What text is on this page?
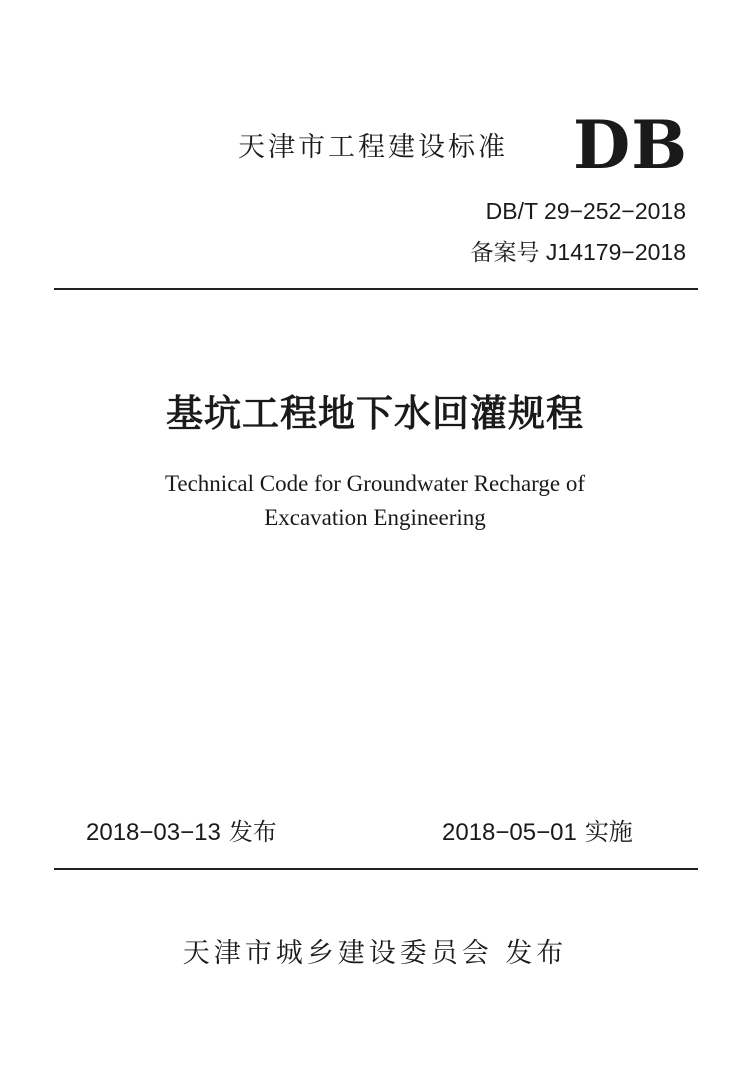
天津市工程建设标准 DB
DB/T 29−252−2018
备案号 J14179−2018
基坑工程地下水回灌规程
Technical Code for Groundwater Recharge of
Excavation Engineering
2018−03−13 发布	2018−05−01 实施
天津市城乡建设委员会 发布
